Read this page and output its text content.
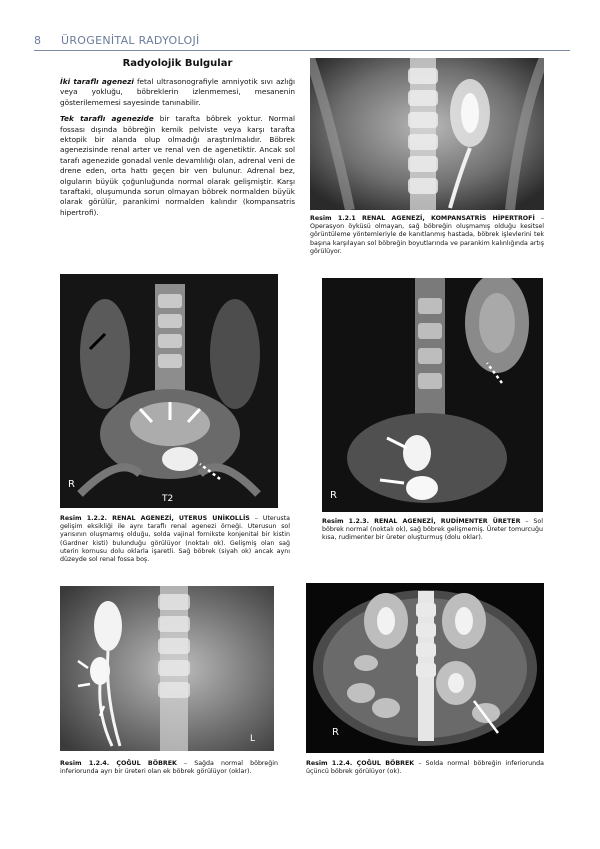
8 ÜROGENİTAL RADYOLOJİ
Radyolojik Bulgular

İki taraflı agenezi fetal ultrasonografiyle amniyotik sıvı azlığı veya yokluğu, böbreklerin izlenmemesi, mesanenin gösterilememesi sayesinde tanınabilir.

Tek taraflı agenezide bir tarafta böbrek yoktur. Normal fossası dışında böbreğin kemik pelviste veya karşı tarafta ektopik bir alanda olup olmadığı araştırılmalıdır. Böbrek agenezisinde renal arter ve renal ven de agenetiktir. Ancak sol tarafı agenezide gonadal venle devamlılığı olan, adrenal veni de drene eden, orta hattı geçen bir ven bulunur. Adrenal bez, olguların büyük çoğunluğunda normal olarak gelişmiştir. Karşı taraftaki, oluşumunda sorun olmayan böbrek normalden büyük olarak görülür, parankimi normalden kalındır (kompansatris hipertrofi).

Resim 1.2.1 RENAL AGENEZİ, KOMPANSATRİS HİPERTROFİ – Operasyon öyküsü olmayan, sağ böbreğin oluşmamış olduğu kesitsel görüntüleme yöntemleriyle de kanıtlanmış hastada, böbrek işlevlerini tek başına karşılayan sol böbreğin boyutlarında ve parankim kalınlığında artış görülüyor.
R
T2
Resim 1.2.2. RENAL AGENEZİ, UTERUS UNİKOLLİS – Uterusta gelişim eksikliği ile aynı taraflı renal agenezi örneği. Uterusun sol yarısının oluşmamış olduğu, solda vajinal fornikste konjenital bir kistin (Gardner kisti) bulunduğu görülüyor (noktalı ok). Gelişmiş olan sağ uterin kornusu dolu oklarla işaretli. Sağ böbrek (siyah ok) ancak aynı düzeyde sol renal fossa boş.
R
Resim 1.2.3. RENAL AGENEZİ, RUDİMENTER ÜRETER – Sol böbrek normal (noktalı ok), sağ böbrek gelişmemiş. Üreter tomurcuğu kısa, rudimenter bir üreter oluşturmuş (dolu oklar).
L
Resim 1.2.4. ÇOĞUL BÖBREK – Sağda normal böbreğin inferiorunda ayrı bir üreteri olan ek böbrek görülüyor (oklar).
R
Resim 1.2.4. ÇOĞUL BÖBREK – Solda normal böbreğin inferiorunda üçüncü böbrek görülüyor (ok).
